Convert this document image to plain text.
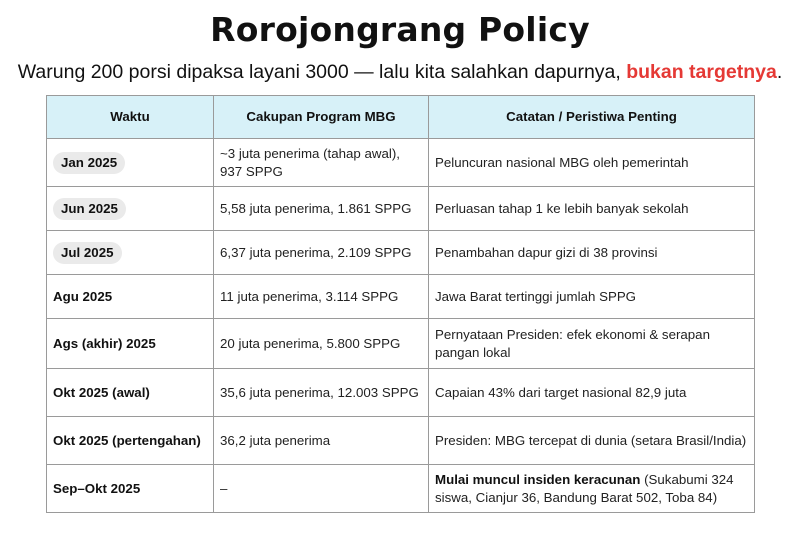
Rorojongrang Policy

Warung 200 porsi dipaksa layani 3000 — lalu kita salahkan dapurnya, bukan targetnya.

Waktu	Cakupan Program MBG	Catatan / Peristiwa Penting
Jan 2025	~3 juta penerima (tahap awal), 937 SPPG	Peluncuran nasional MBG oleh pemerintah
Jun 2025	5,58 juta penerima, 1.861 SPPG	Perluasan tahap 1 ke lebih banyak sekolah
Jul 2025	6,37 juta penerima, 2.109 SPPG	Penambahan dapur gizi di 38 provinsi
Agu 2025	11 juta penerima, 3.114 SPPG	Jawa Barat tertinggi jumlah SPPG
Ags (akhir) 2025	20 juta penerima, 5.800 SPPG	Pernyataan Presiden: efek ekonomi & serapan pangan lokal
Okt 2025 (awal)	35,6 juta penerima, 12.003 SPPG	Capaian 43% dari target nasional 82,9 juta
Okt 2025 (pertengahan)	36,2 juta penerima	Presiden: MBG tercepat di dunia (setara Brasil/India)
Sep–Okt 2025	–	Mulai muncul insiden keracunan (Sukabumi 324 siswa, Cianjur 36, Bandung Barat 502, Toba 84)
